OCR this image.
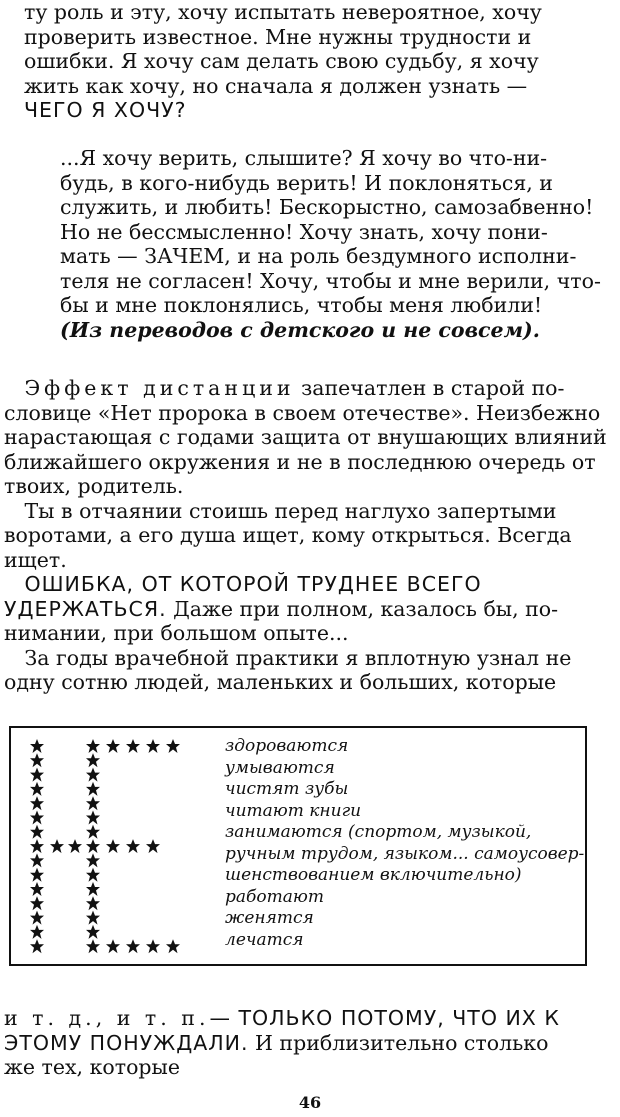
ту роль и эту, хочу испытать невероятное, хочу
проверить известное. Мне нужны трудности и
ошибки. Я хочу сам делать свою судьбу, я хочу
жить как хочу, но сначала я должен узнать —
ЧЕГО Я ХОЧУ?

...Я хочу верить, слышите? Я хочу во что-ни-
будь, в кого-нибудь верить! И поклоняться, и
служить, и любить! Бескорыстно, самозабвенно!
Но не бессмысленно! Хочу знать, хочу пони-
мать — ЗАЧЕМ, и на роль бездумного исполни-
теля не согласен! Хочу, чтобы и мне верили, что-
бы и мне поклонялись, чтобы меня любили!
(Из переводов с детского и не совсем).

 Эффект дистанции запечатлен в старой по-
словице «Нет пророка в своем отечестве». Неизбежно
нарастающая с годами защита от внушающих влияний
ближайшего окружения и не в последнюю очередь от
твоих, родитель.
 Ты в отчаянии стоишь перед наглухо запертыми
воротами, а его душа ищет, кому открыться. Всегда
ищет.
 ОШИБКА, ОТ КОТОРОЙ ТРУДНЕЕ ВСЕГО
УДЕРЖАТЬСЯ. Даже при полном, казалось бы, по-
нимании, при большом опыте...
 За годы врачебной практики я вплотную узнал не
одну сотню людей, маленьких и больших, которые

здороваются
умываются
чистят зубы
читают книги
занимаются (спортом, музыкой,
ручным трудом, языком... самоусовер-
шенствованием включительно)
работают
женятся
лечатся

и т. д., и т. п.— ТОЛЬКО ПОТОМУ, ЧТО ИХ К
ЭТОМУ ПОНУЖДАЛИ. И приблизительно столько
же тех, которые

46
